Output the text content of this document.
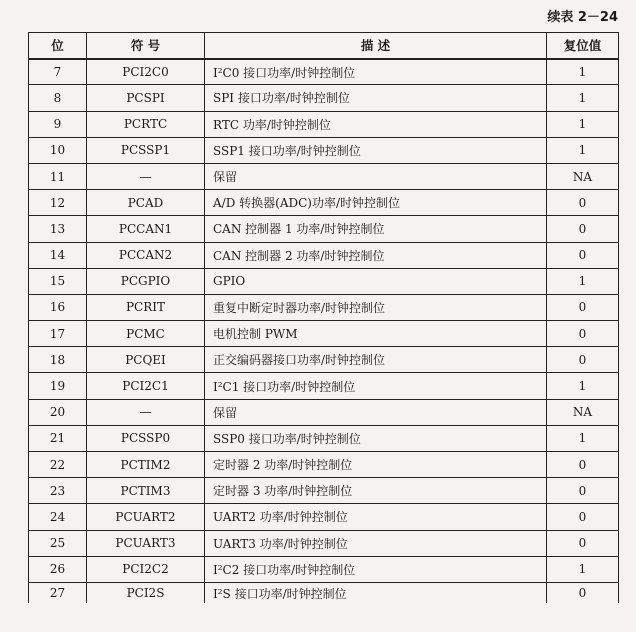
续表 2－24
位	符 号	描 述	复位值
7	PCI2C0	I²C0 接口功率/时钟控制位	1
8	PCSPI	SPI 接口功率/时钟控制位	1
9	PCRTC	RTC 功率/时钟控制位	1
10	PCSSP1	SSP1 接口功率/时钟控制位	1
11	—	保留	NA
12	PCAD	A/D 转换器(ADC)功率/时钟控制位	0
13	PCCAN1	CAN 控制器 1 功率/时钟控制位	0
14	PCCAN2	CAN 控制器 2 功率/时钟控制位	0
15	PCGPIO	GPIO	1
16	PCRIT	重复中断定时器功率/时钟控制位	0
17	PCMC	电机控制 PWM	0
18	PCQEI	正交编码器接口功率/时钟控制位	0
19	PCI2C1	I²C1 接口功率/时钟控制位	1
20	—	保留	NA
21	PCSSP0	SSP0 接口功率/时钟控制位	1
22	PCTIM2	定时器 2 功率/时钟控制位	0
23	PCTIM3	定时器 3 功率/时钟控制位	0
24	PCUART2	UART2 功率/时钟控制位	0
25	PCUART3	UART3 功率/时钟控制位	0
26	PCI2C2	I²C2 接口功率/时钟控制位	1
27	PCI2S	I²S 接口功率/时钟控制位	0
